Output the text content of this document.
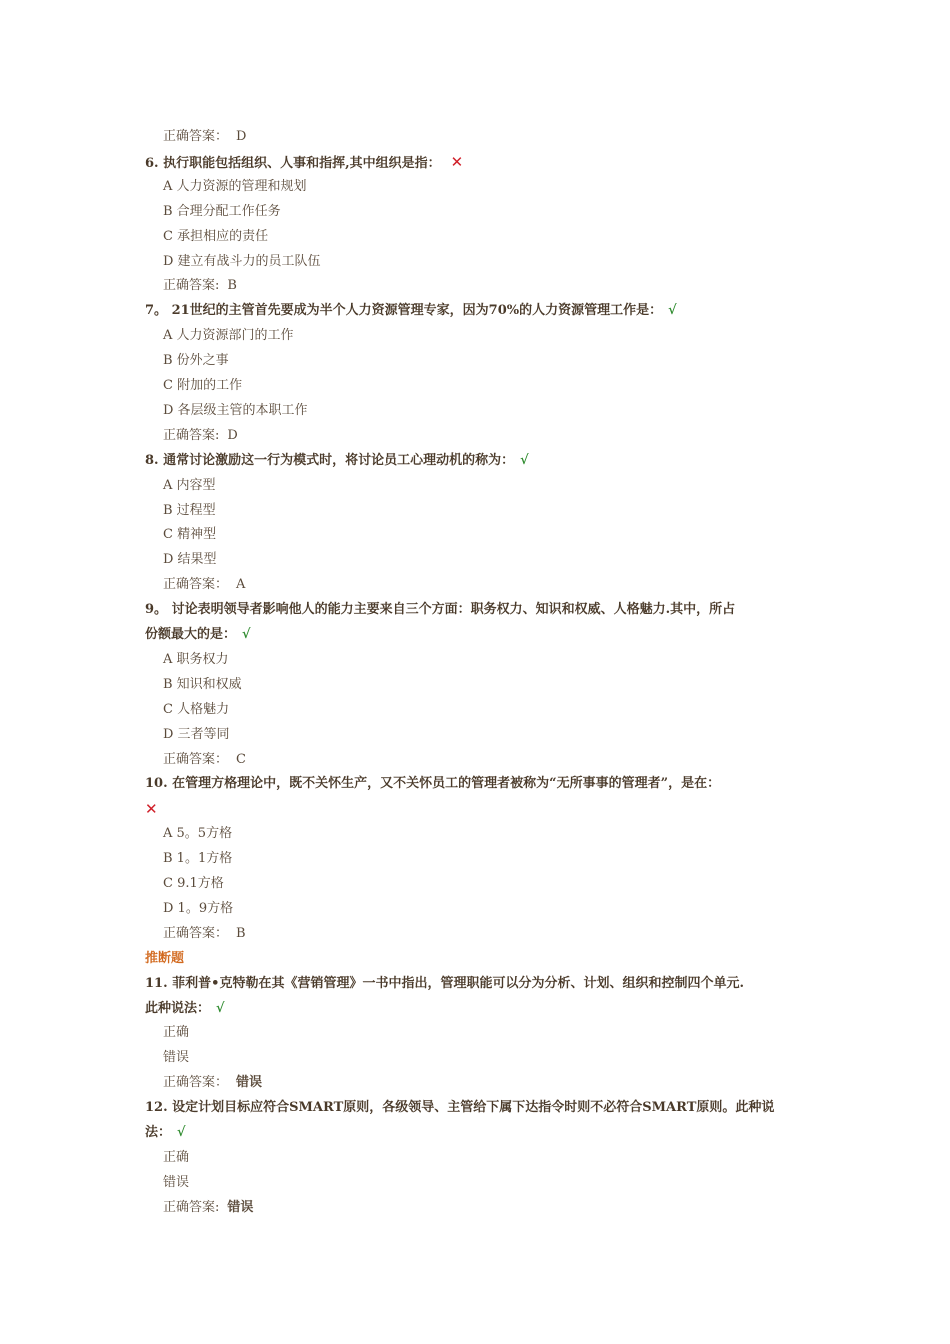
正确答案： D
6. 执行职能包括组织、人事和指挥,其中组织是指： ✕
A 人力资源的管理和规划
B 合理分配工作任务
C 承担相应的责任
D 建立有战斗力的员工队伍
正确答案: B
7。 21世纪的主管首先要成为半个人力资源管理专家，因为70%的人力资源管理工作是： √
A 人力资源部门的工作
B 份外之事
C 附加的工作
D 各层级主管的本职工作
正确答案: D
8. 通常讨论激励这一行为模式时，将讨论员工心理动机的称为： √
A 内容型
B 过程型
C 精神型
D 结果型
正确答案： A
9。 讨论表明领导者影响他人的能力主要来自三个方面：职务权力、知识和权威、人格魅力.其中，所占
份额最大的是： √
A 职务权力
B 知识和权威
C 人格魅力
D 三者等同
正确答案： C
10. 在管理方格理论中，既不关怀生产，又不关怀员工的管理者被称为“无所事事的管理者”，是在：
✕
A 5。5方格
B 1。1方格
C 9.1方格
D 1。9方格
正确答案： B
推断题
11. 菲利普•克特勒在其《营销管理》一书中指出，管理职能可以分为分析、计划、组织和控制四个单元.
此种说法： √
正确
错误
正确答案： 错误
12. 设定计划目标应符合SMART原则，各级领导、主管给下属下达指令时则不必符合SMART原则。此种说
法： √
正确
错误
正确答案: 错误
